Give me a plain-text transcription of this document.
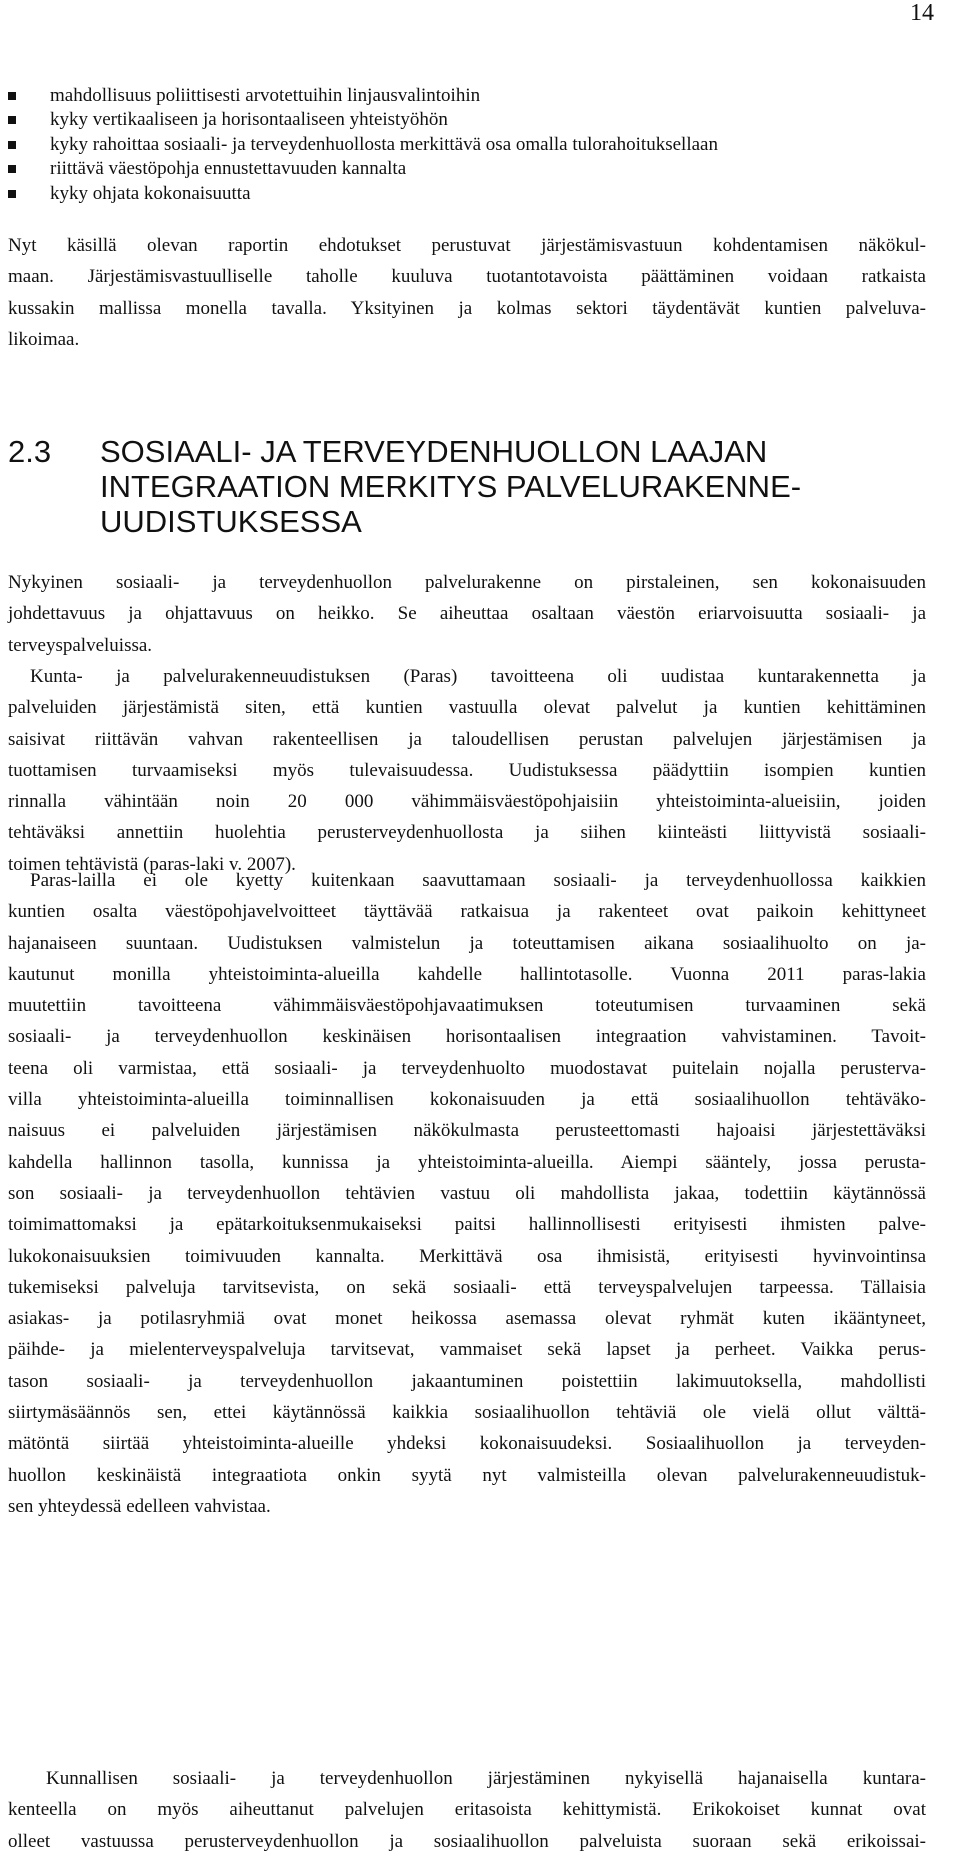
14
mahdollisuus poliittisesti arvotettuihin linjausvalintoihin
kyky vertikaaliseen ja horisontaaliseen yhteistyöhön
kyky rahoittaa sosiaali- ja terveydenhuollosta merkittävä osa omalla tulorahoituksellaan
riittävä väestöpohja ennustettavuuden kannalta
kyky ohjata kokonaisuutta
Nyt käsillä olevan raportin ehdotukset perustuvat järjestämisvastuun kohdentamisen näkökul-
maan. Järjestämisvastuulliselle taholle kuuluva tuotantotavoista päättäminen voidaan ratkaista
kussakin mallissa monella tavalla. Yksityinen ja kolmas sektori täydentävät kuntien palveluva-
likoimaa.
2.3 SOSIAALI- JA TERVEYDENHUOLLON LAAJAN
INTEGRAATION MERKITYS PALVELURAKENNE-
UUDISTUKSESSA
Nykyinen sosiaali- ja terveydenhuollon palvelurakenne on pirstaleinen, sen kokonaisuuden
johdettavuus ja ohjattavuus on heikko. Se aiheuttaa osaltaan väestön eriarvoisuutta sosiaali- ja
terveyspalveluissa.
Kunta- ja palvelurakenneuudistuksen (Paras) tavoitteena oli uudistaa kuntarakennetta ja
palveluiden järjestämistä siten, että kuntien vastuulla olevat palvelut ja kuntien kehittäminen
saisivat riittävän vahvan rakenteellisen ja taloudellisen perustan palvelujen järjestämisen ja
tuottamisen turvaamiseksi myös tulevaisuudessa. Uudistuksessa päädyttiin isompien kuntien
rinnalla vähintään noin 20 000 vähimmäisväestöpohjaisiin yhteistoiminta-alueisiin, joiden
tehtäväksi annettiin huolehtia perusterveydenhuollosta ja siihen kiinteästi liittyvistä sosiaali-
toimen tehtävistä (paras-laki v. 2007).
Paras-lailla ei ole kyetty kuitenkaan saavuttamaan sosiaali- ja terveydenhuollossa kaikkien
kuntien osalta väestöpohjavelvoitteet täyttävää ratkaisua ja rakenteet ovat paikoin kehittyneet
hajanaiseen suuntaan. Uudistuksen valmistelun ja toteuttamisen aikana sosiaalihuolto on ja-
kautunut monilla yhteistoiminta-alueilla kahdelle hallintotasolle. Vuonna 2011 paras-lakia
muutettiin tavoitteena vähimmäisväestöpohjavaatimuksen toteutumisen turvaaminen sekä
sosiaali- ja terveydenhuollon keskinäisen horisontaalisen integraation vahvistaminen. Tavoit-
teena oli varmistaa, että sosiaali- ja terveydenhuolto muodostavat puitelain nojalla perusterva-
villa yhteistoiminta-alueilla toiminnallisen kokonaisuuden ja että sosiaalihuollon tehtäväko-
naisuus ei palveluiden järjestämisen näkökulmasta perusteettomasti hajoaisi järjestettäväksi
kahdella hallinnon tasolla, kunnissa ja yhteistoiminta-alueilla. Aiempi sääntely, jossa perusta-
son sosiaali- ja terveydenhuollon tehtävien vastuu oli mahdollista jakaa, todettiin käytännössä
toimimattomaksi ja epätarkoituksenmukaiseksi paitsi hallinnollisesti erityisesti ihmisten palve-
lukokonaisuuksien toimivuuden kannalta. Merkittävä osa ihmisistä, erityisesti hyvinvointinsa
tukemiseksi palveluja tarvitsevista, on sekä sosiaali- että terveyspalvelujen tarpeessa. Tällaisia
asiakas- ja potilasryhmiä ovat monet heikossa asemassa olevat ryhmät kuten ikääntyneet,
päihde- ja mielenterveyspalveluja tarvitsevat, vammaiset sekä lapset ja perheet. Vaikka perus-
tason sosiaali- ja terveydenhuollon jakaantuminen poistettiin lakimuutoksella, mahdollisti
siirtymäsäännös sen, ettei käytännössä kaikkia sosiaalihuollon tehtäviä ole vielä ollut välttä-
mätöntä siirtää yhteistoiminta-alueille yhdeksi kokonaisuudeksi. Sosiaalihuollon ja terveyden-
huollon keskinäistä integraatiota onkin syytä nyt valmisteilla olevan palvelurakenneuudistuk-
sen yhteydessä edelleen vahvistaa.
Kunnallisen sosiaali- ja terveydenhuollon järjestäminen nykyisellä hajanaisella kuntara-
kenteella on myös aiheuttanut palvelujen eritasoista kehittymistä. Erikokoiset kunnat ovat
olleet vastuussa perusterveydenhuollon ja sosiaalihuollon palveluista suoraan sekä erikoissai-
